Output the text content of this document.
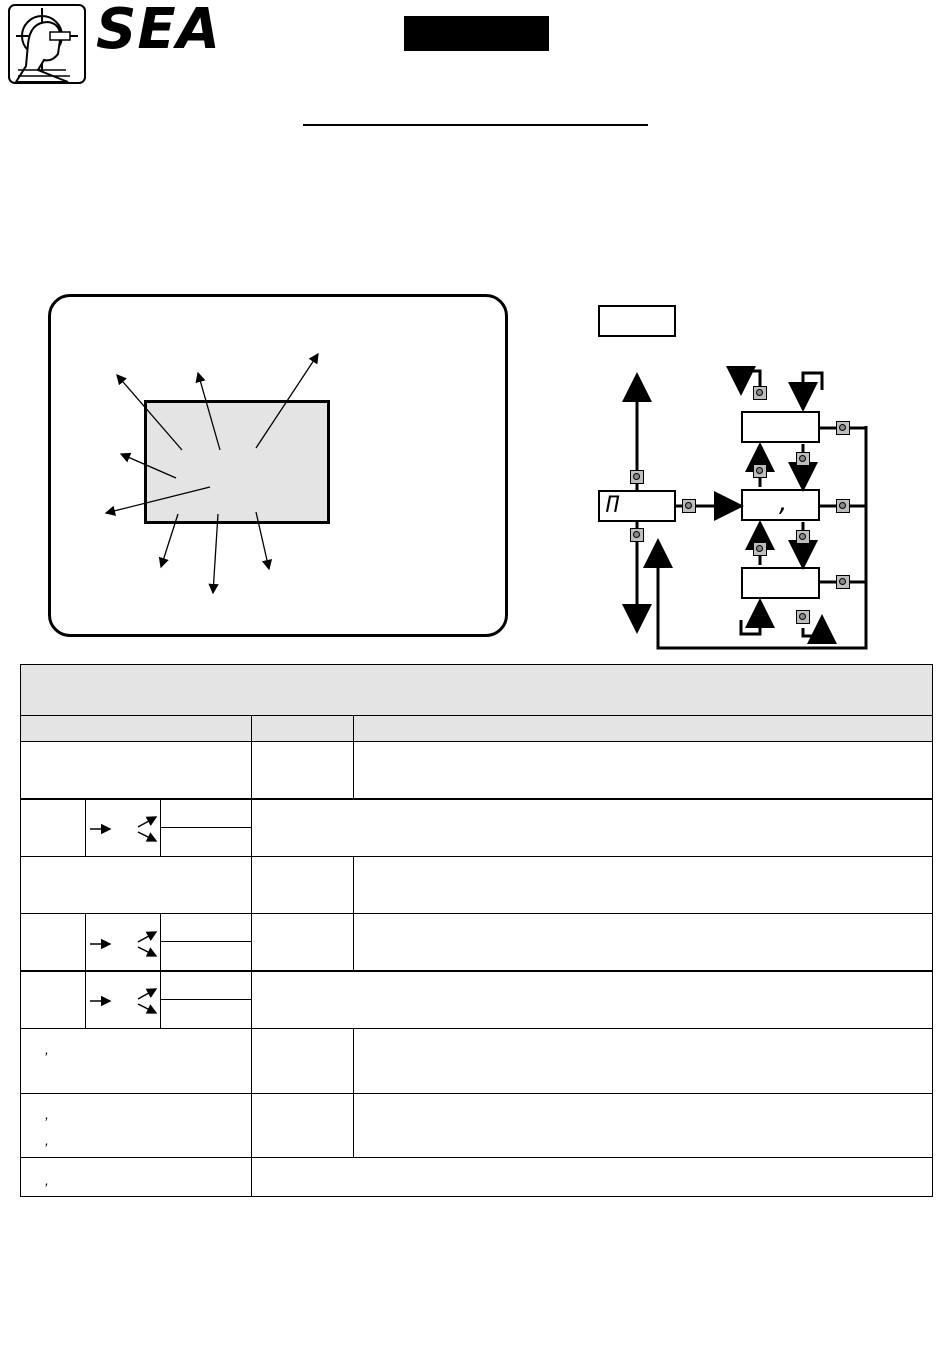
SEA
Π	,
,
,
,
,
